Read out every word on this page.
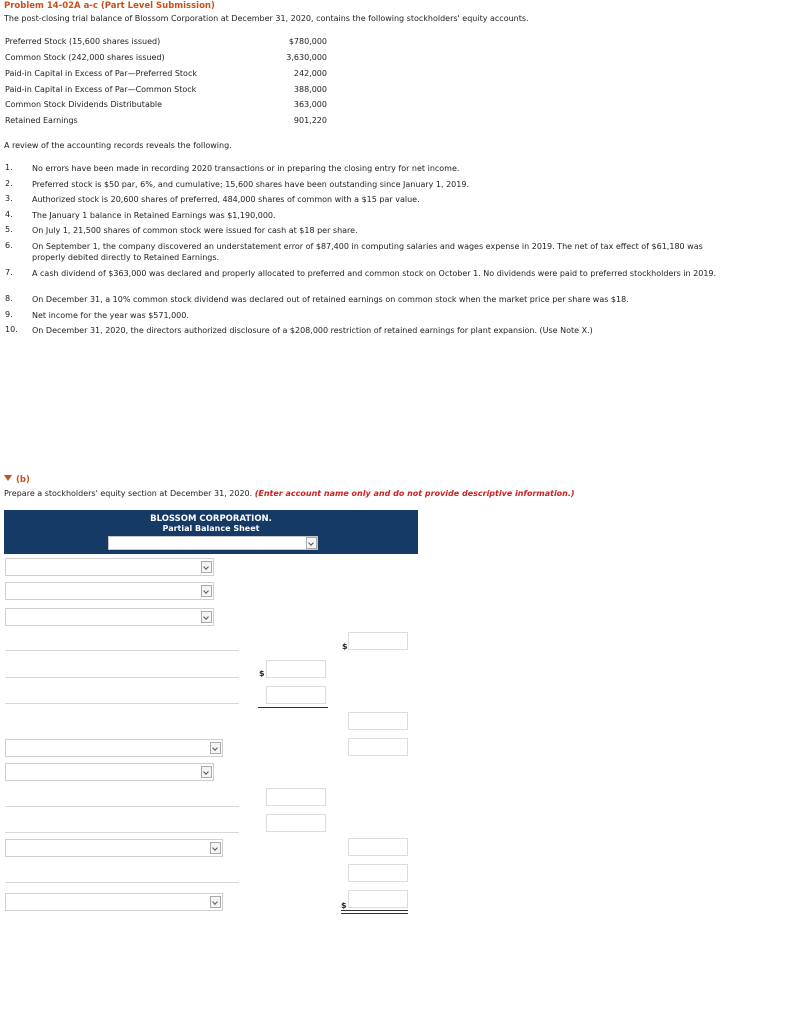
Problem 14-02A a-c (Part Level Submission)
The post-closing trial balance of Blossom Corporation at December 31, 2020, contains the following stockholders' equity accounts.
Preferred Stock (15,600 shares issued)	$780,000
Common Stock (242,000 shares issued)	3,630,000
Paid-in Capital in Excess of Par—Preferred Stock	242,000
Paid-in Capital in Excess of Par—Common Stock	388,000
Common Stock Dividends Distributable	363,000
Retained Earnings	901,220
A review of the accounting records reveals the following.
1. No errors have been made in recording 2020 transactions or in preparing the closing entry for net income.
2. Preferred stock is $50 par, 6%, and cumulative; 15,600 shares have been outstanding since January 1, 2019.
3. Authorized stock is 20,600 shares of preferred, 484,000 shares of common with a $15 par value.
4. The January 1 balance in Retained Earnings was $1,190,000.
5. On July 1, 21,500 shares of common stock were issued for cash at $18 per share.
6. On September 1, the company discovered an understatement error of $87,400 in computing salaries and wages expense in 2019. The net of tax effect of $61,180 was properly debited directly to Retained Earnings.
7. A cash dividend of $363,000 was declared and properly allocated to preferred and common stock on October 1. No dividends were paid to preferred stockholders in 2019.
8. On December 31, a 10% common stock dividend was declared out of retained earnings on common stock when the market price per share was $18.
9. Net income for the year was $571,000.
10. On December 31, 2020, the directors authorized disclosure of a $208,000 restriction of retained earnings for plant expansion. (Use Note X.)
(b)
Prepare a stockholders' equity section at December 31, 2020. (Enter account name only and do not provide descriptive information.)
BLOSSOM CORPORATION.
Partial Balance Sheet
$
$
$
